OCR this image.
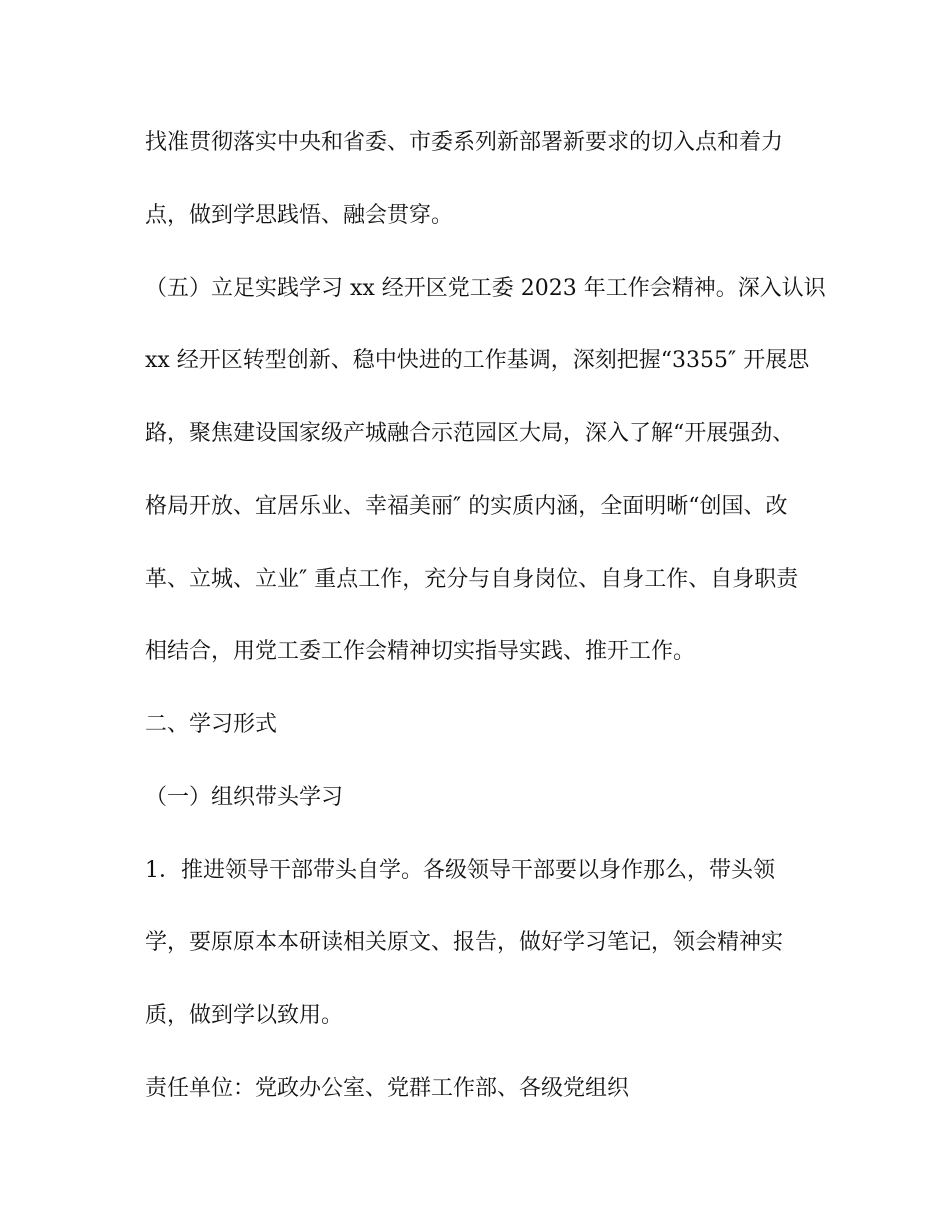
找准贯彻落实中央和省委、市委系列新部署新要求的切入点和着力
点，做到学思践悟、融会贯穿。
（五）立足实践学习 xx 经开区党工委 2023 年工作会精神。深入认识
xx 经开区转型创新、稳中快进的工作基调，深刻把握“3355″ 开展思
路，聚焦建设国家级产城融合示范园区大局，深入了解“开展强劲、
格局开放、宜居乐业、幸福美丽″ 的实质内涵，全面明晰“创国、改
革、立城、立业″ 重点工作，充分与自身岗位、自身工作、自身职责
相结合，用党工委工作会精神切实指导实践、推开工作。
二、学习形式
（一）组织带头学习
1．推进领导干部带头自学。各级领导干部要以身作那么，带头领
学，要原原本本研读相关原文、报告，做好学习笔记，领会精神实
质，做到学以致用。
责任单位：党政办公室、党群工作部、各级党组织
